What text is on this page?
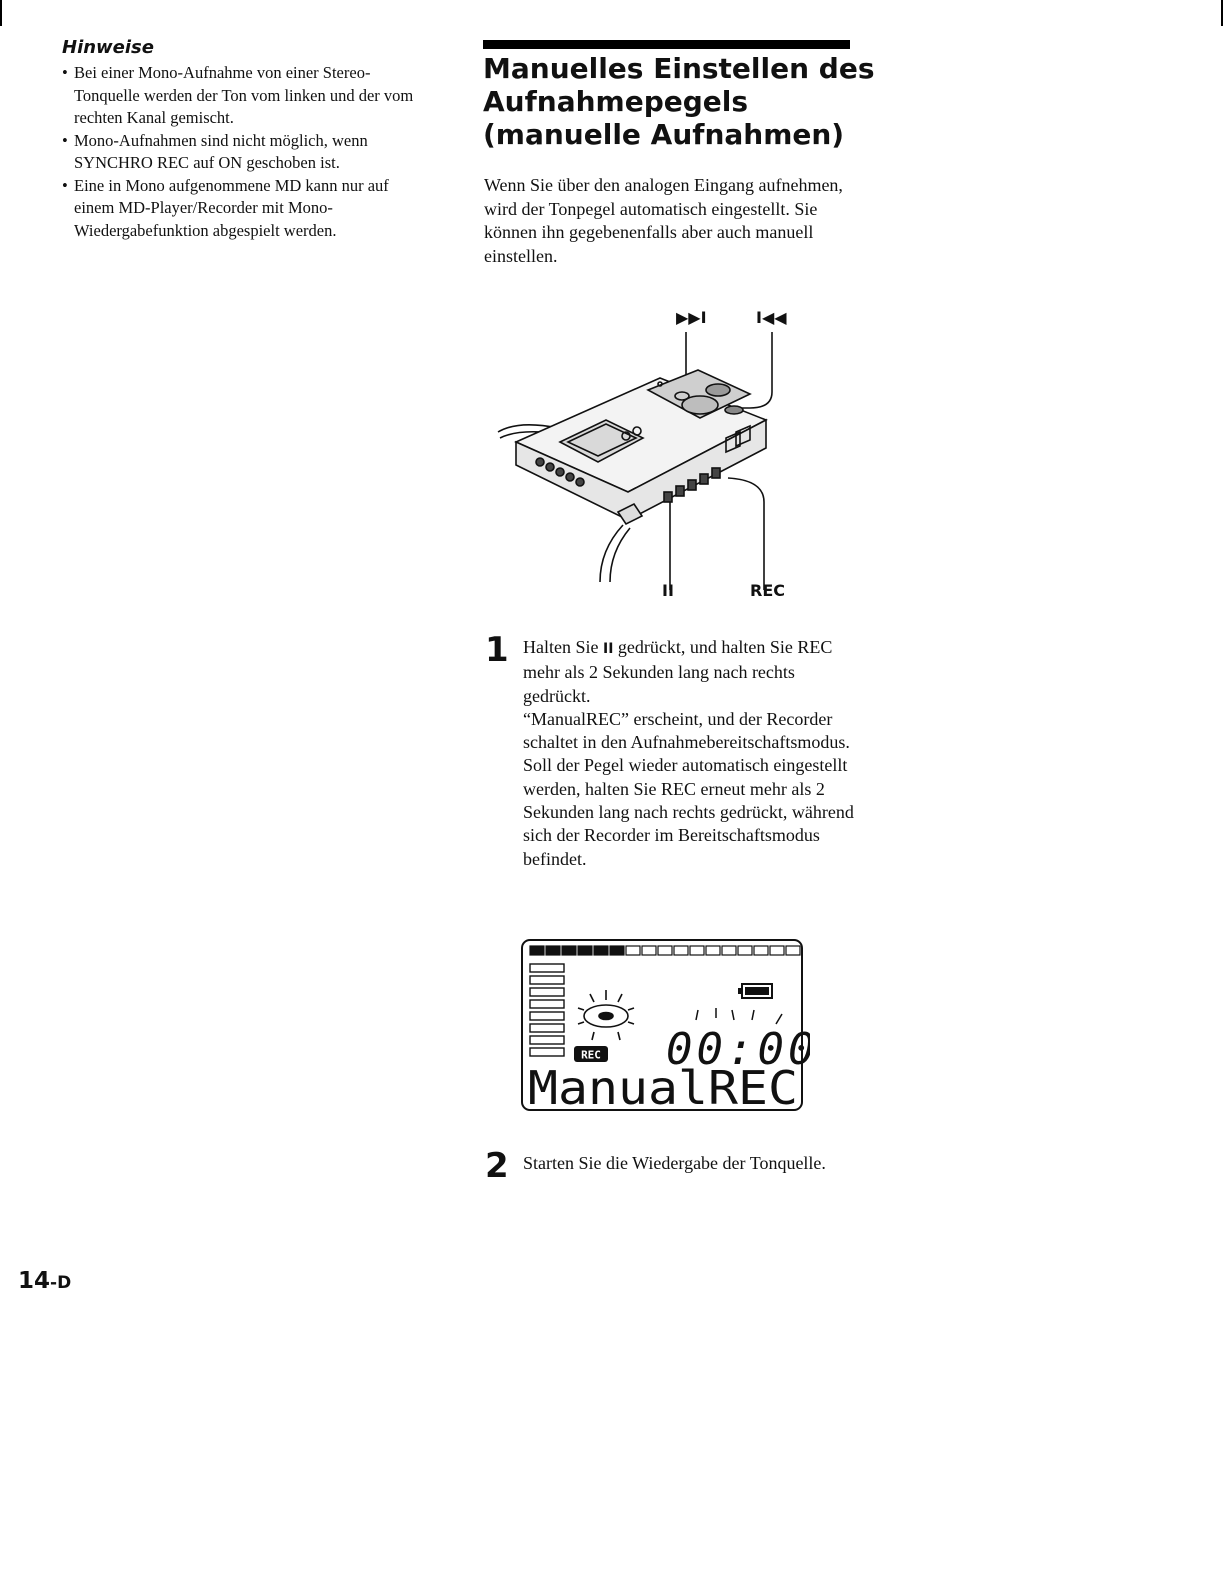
Hinweise
• Bei einer Mono-Aufnahme von einer Stereo-Tonquelle werden der Ton vom linken und der vom rechten Kanal gemischt.
• Mono-Aufnahmen sind nicht möglich, wenn SYNCHRO REC auf ON geschoben ist.
• Eine in Mono aufgenommene MD kann nur auf einem MD-Player/Recorder mit Mono-Wiedergabefunktion abgespielt werden.
Manuelles Einstellen des Aufnahmepegels (manuelle Aufnahmen)

Wenn Sie über den analogen Eingang aufnehmen, wird der Tonpegel automatisch eingestellt. Sie können ihn gegebenenfalls aber auch manuell einstellen.

▶▶I	I◀◀
II	REC
1 Halten Sie II gedrückt, und halten Sie REC mehr als 2 Sekunden lang nach rechts gedrückt.

“ManualREC” erscheint, und der Recorder schaltet in den Aufnahmebereitschaftsmodus. Soll der Pegel wieder automatisch eingestellt werden, halten Sie REC erneut mehr als 2 Sekunden lang nach rechts gedrückt, während sich der Recorder im Bereitschaftsmodus befindet.

REC 00:00
ManualREC
2 Starten Sie die Wiedergabe der Tonquelle.

14-D
